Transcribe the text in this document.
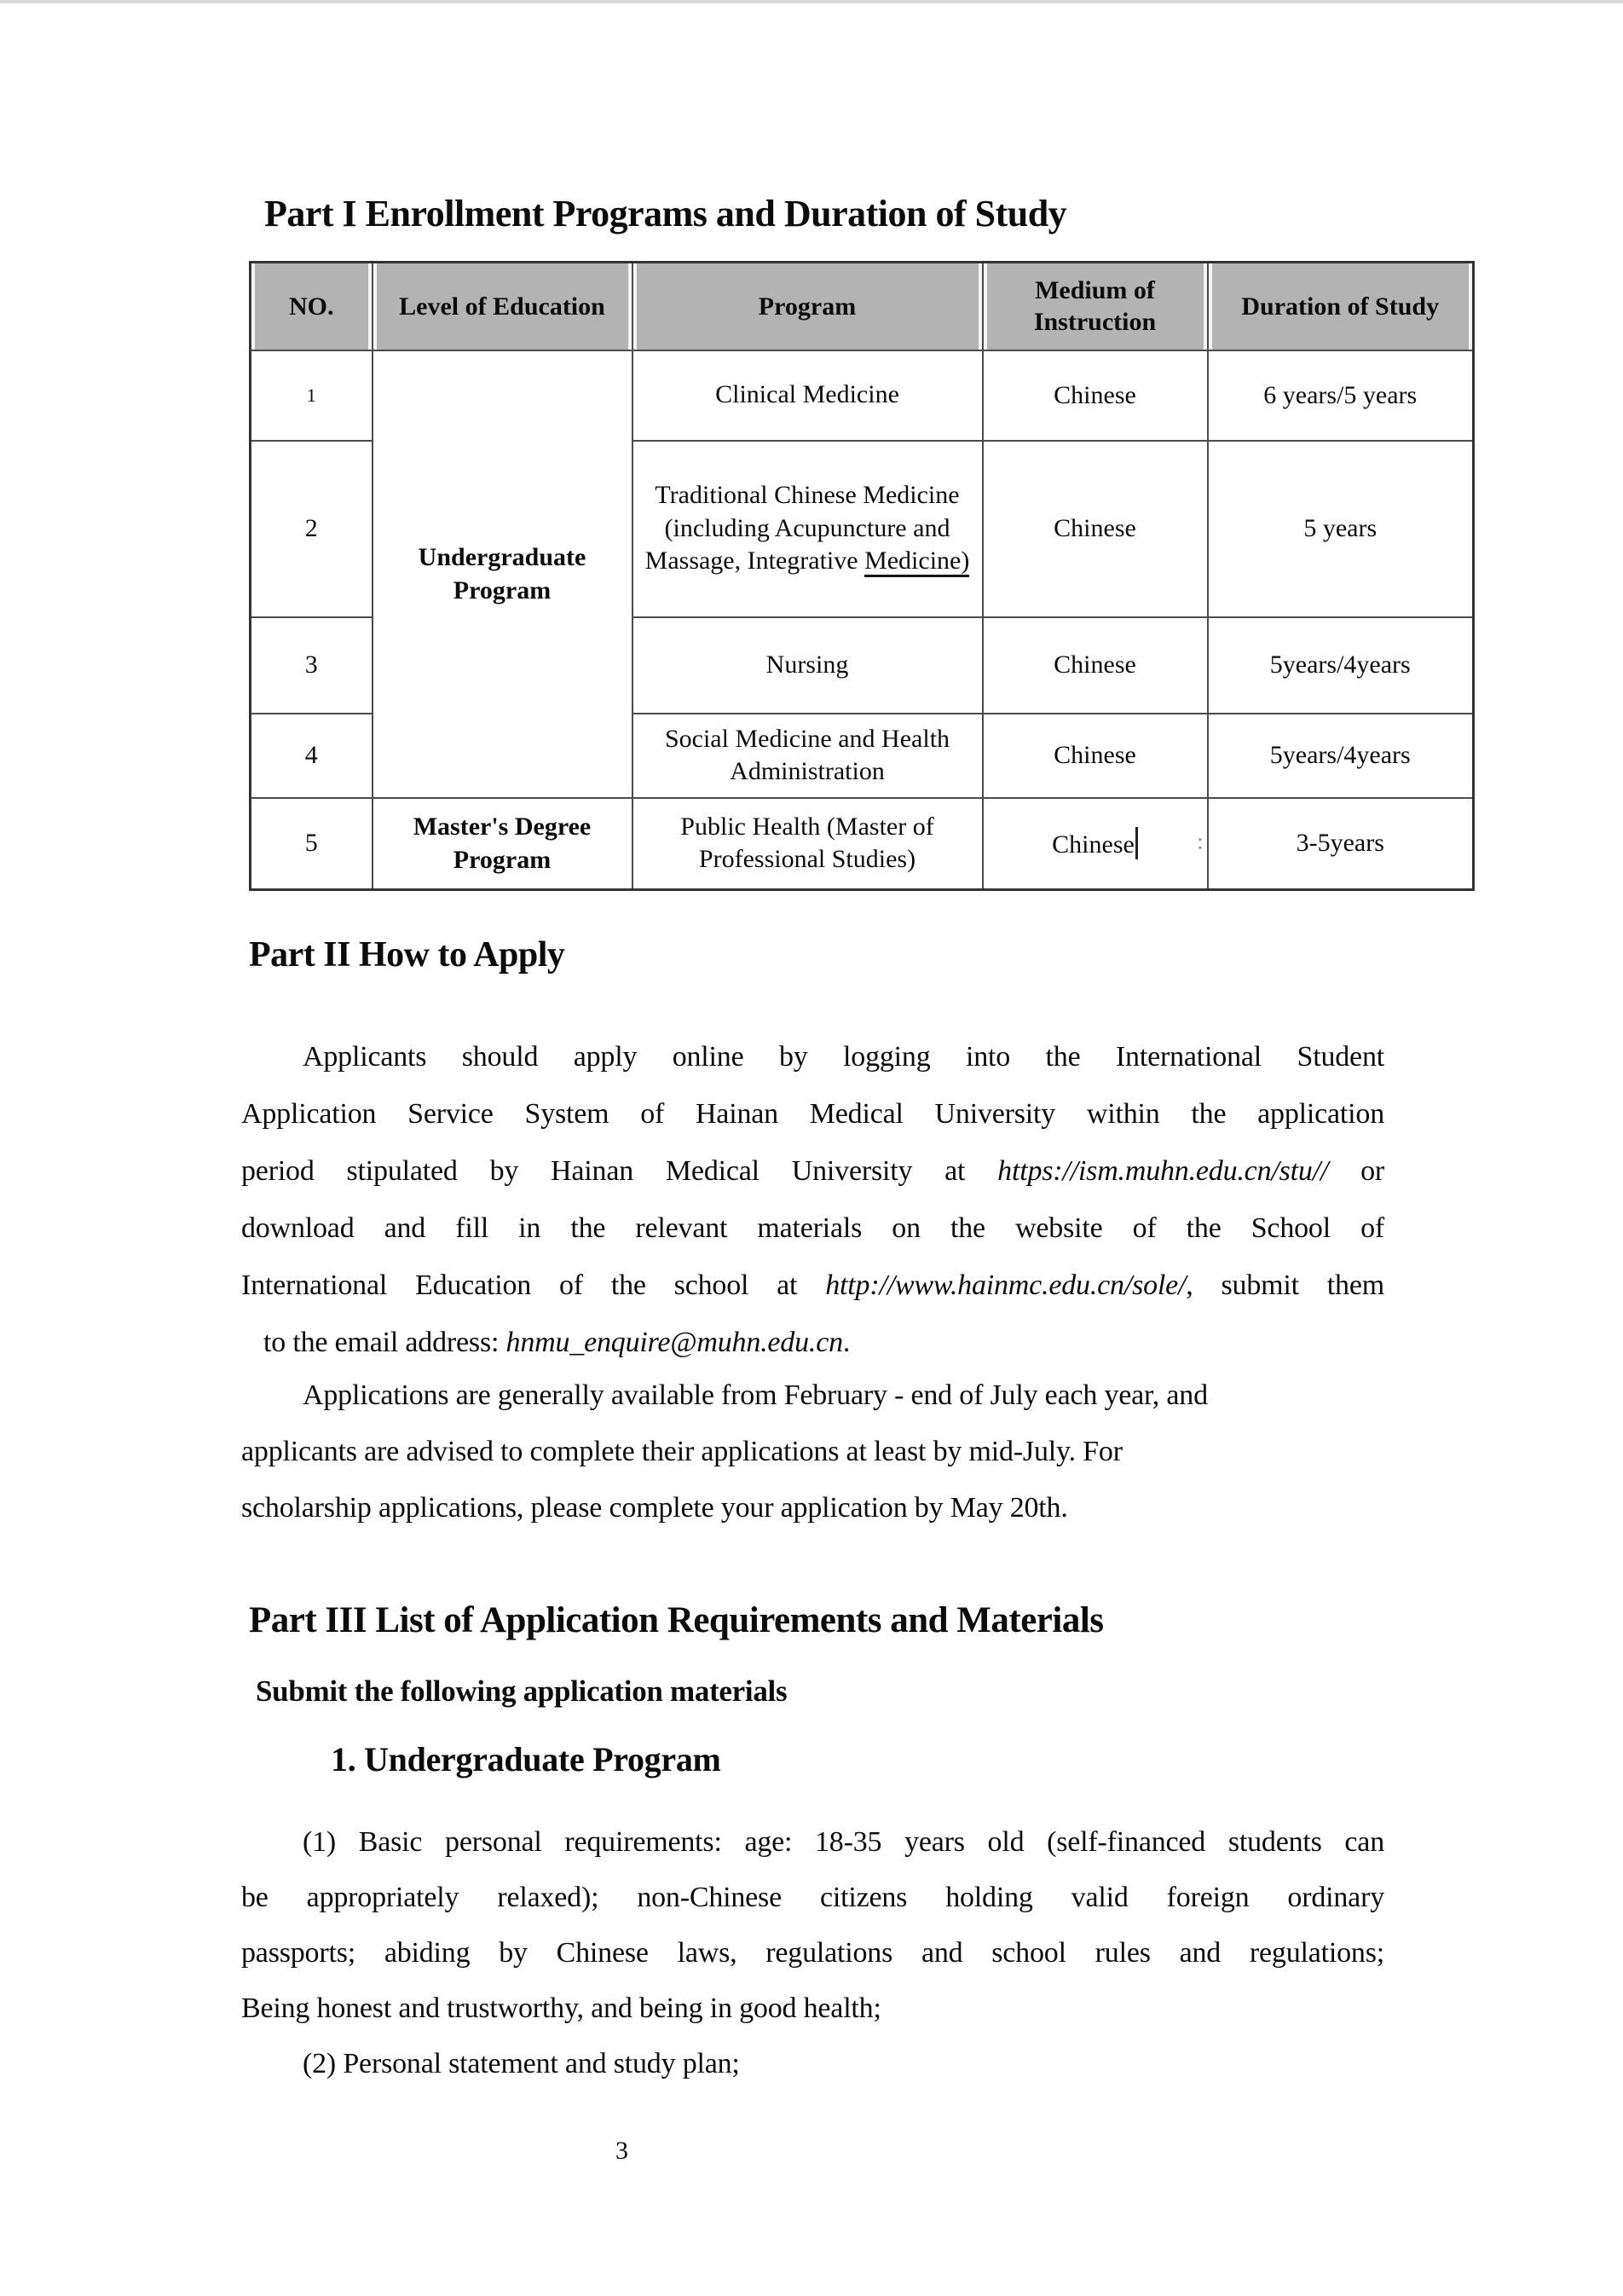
Part I Enrollment Programs and Duration of Study
NO.	Level of Education	Program	Medium of Instruction	Duration of Study
1	Undergraduate Program	Clinical Medicine	Chinese	6 years/5 years
2		Traditional Chinese Medicine (including Acupuncture and Massage, Integrative Medicine)	Chinese	5 years
3		Nursing	Chinese	5years/4years
4		Social Medicine and Health Administration	Chinese	5years/4years
5	Master's Degree Program	Public Health (Master of Professional Studies)	Chinese :	3-5years
Part II How to Apply
Applicants should apply online by logging into the International Student
Application Service System of Hainan Medical University within the application
period stipulated by Hainan Medical University at https://ism.muhn.edu.cn/stu// or
download and fill in the relevant materials on the website of the School of
International Education of the school at http://www.hainmc.edu.cn/sole/, submit them
to the email address: hnmu_enquire@muhn.edu.cn.
Applications are generally available from February - end of July each year, and
applicants are advised to complete their applications at least by mid-July. For
scholarship applications, please complete your application by May 20th.
Part III List of Application Requirements and Materials
Submit the following application materials
1. Undergraduate Program
(1) Basic personal requirements: age: 18-35 years old (self-financed students can
be appropriately relaxed); non-Chinese citizens holding valid foreign ordinary
passports; abiding by Chinese laws, regulations and school rules and regulations;
Being honest and trustworthy, and being in good health;
(2) Personal statement and study plan;
3
